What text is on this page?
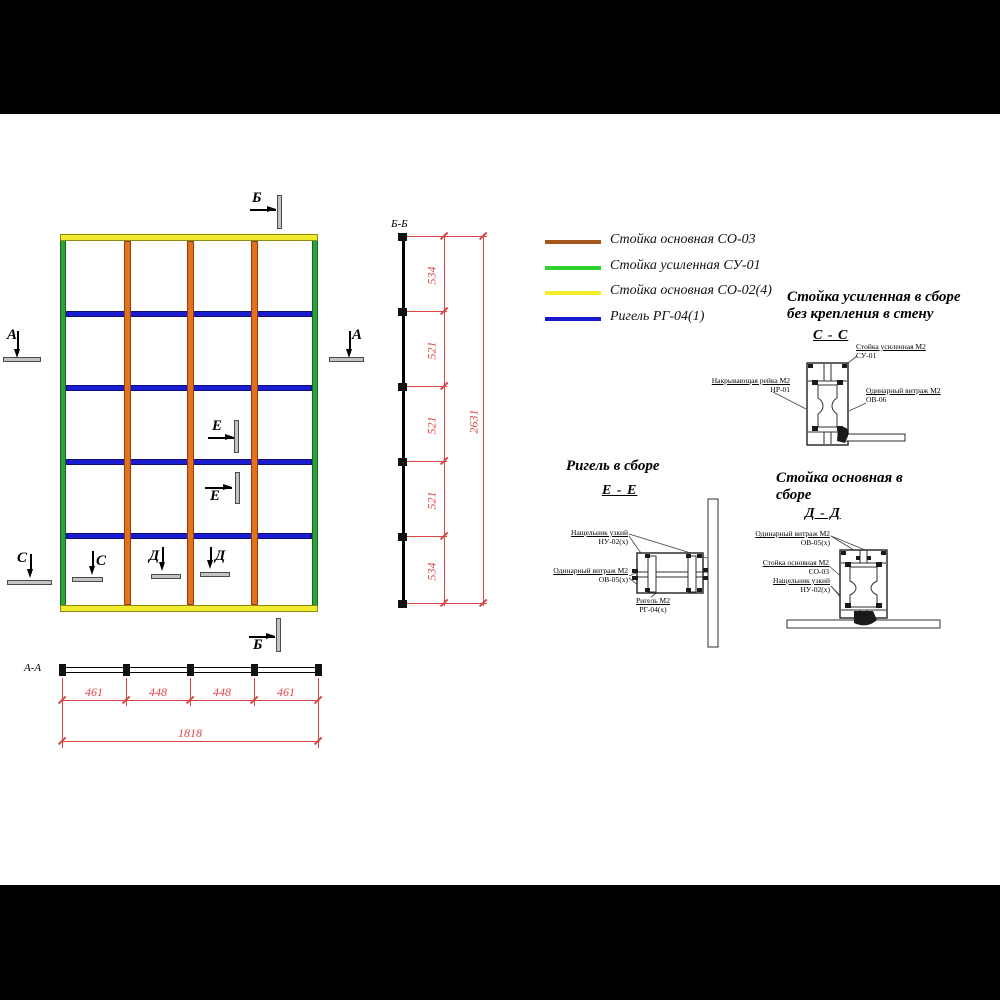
Б
Б
А	А
С	С	Д	Д
Е
Е
Б-Б
534
521
521
521
534
2631
А-А
461	448	448	461
1818
Стойка основная СО-03
Стойка усиленная СУ-01
Стойка основная СО-02(4)
Ригель РГ-04(1)
Стойка усиленная в сборе
без крепления в стену
С - С
Стойка усиленная М2
СУ-01
Накрывающая рейка М2
НР-01	Одинарный витраж М2
ОВ-06
Ригель в сборе
Е - Е
Нащельник узкий
НУ-02(х)
Одинарный витраж М2
ОВ-05(х)
Ригель М2
РГ-04(х)
Стойка основная в
сборе
Д - Д
Одинарный витраж М2
ОВ-05(х)
Стойка основная М2
СО-03
Нащельник узкий
НУ-02(х)
